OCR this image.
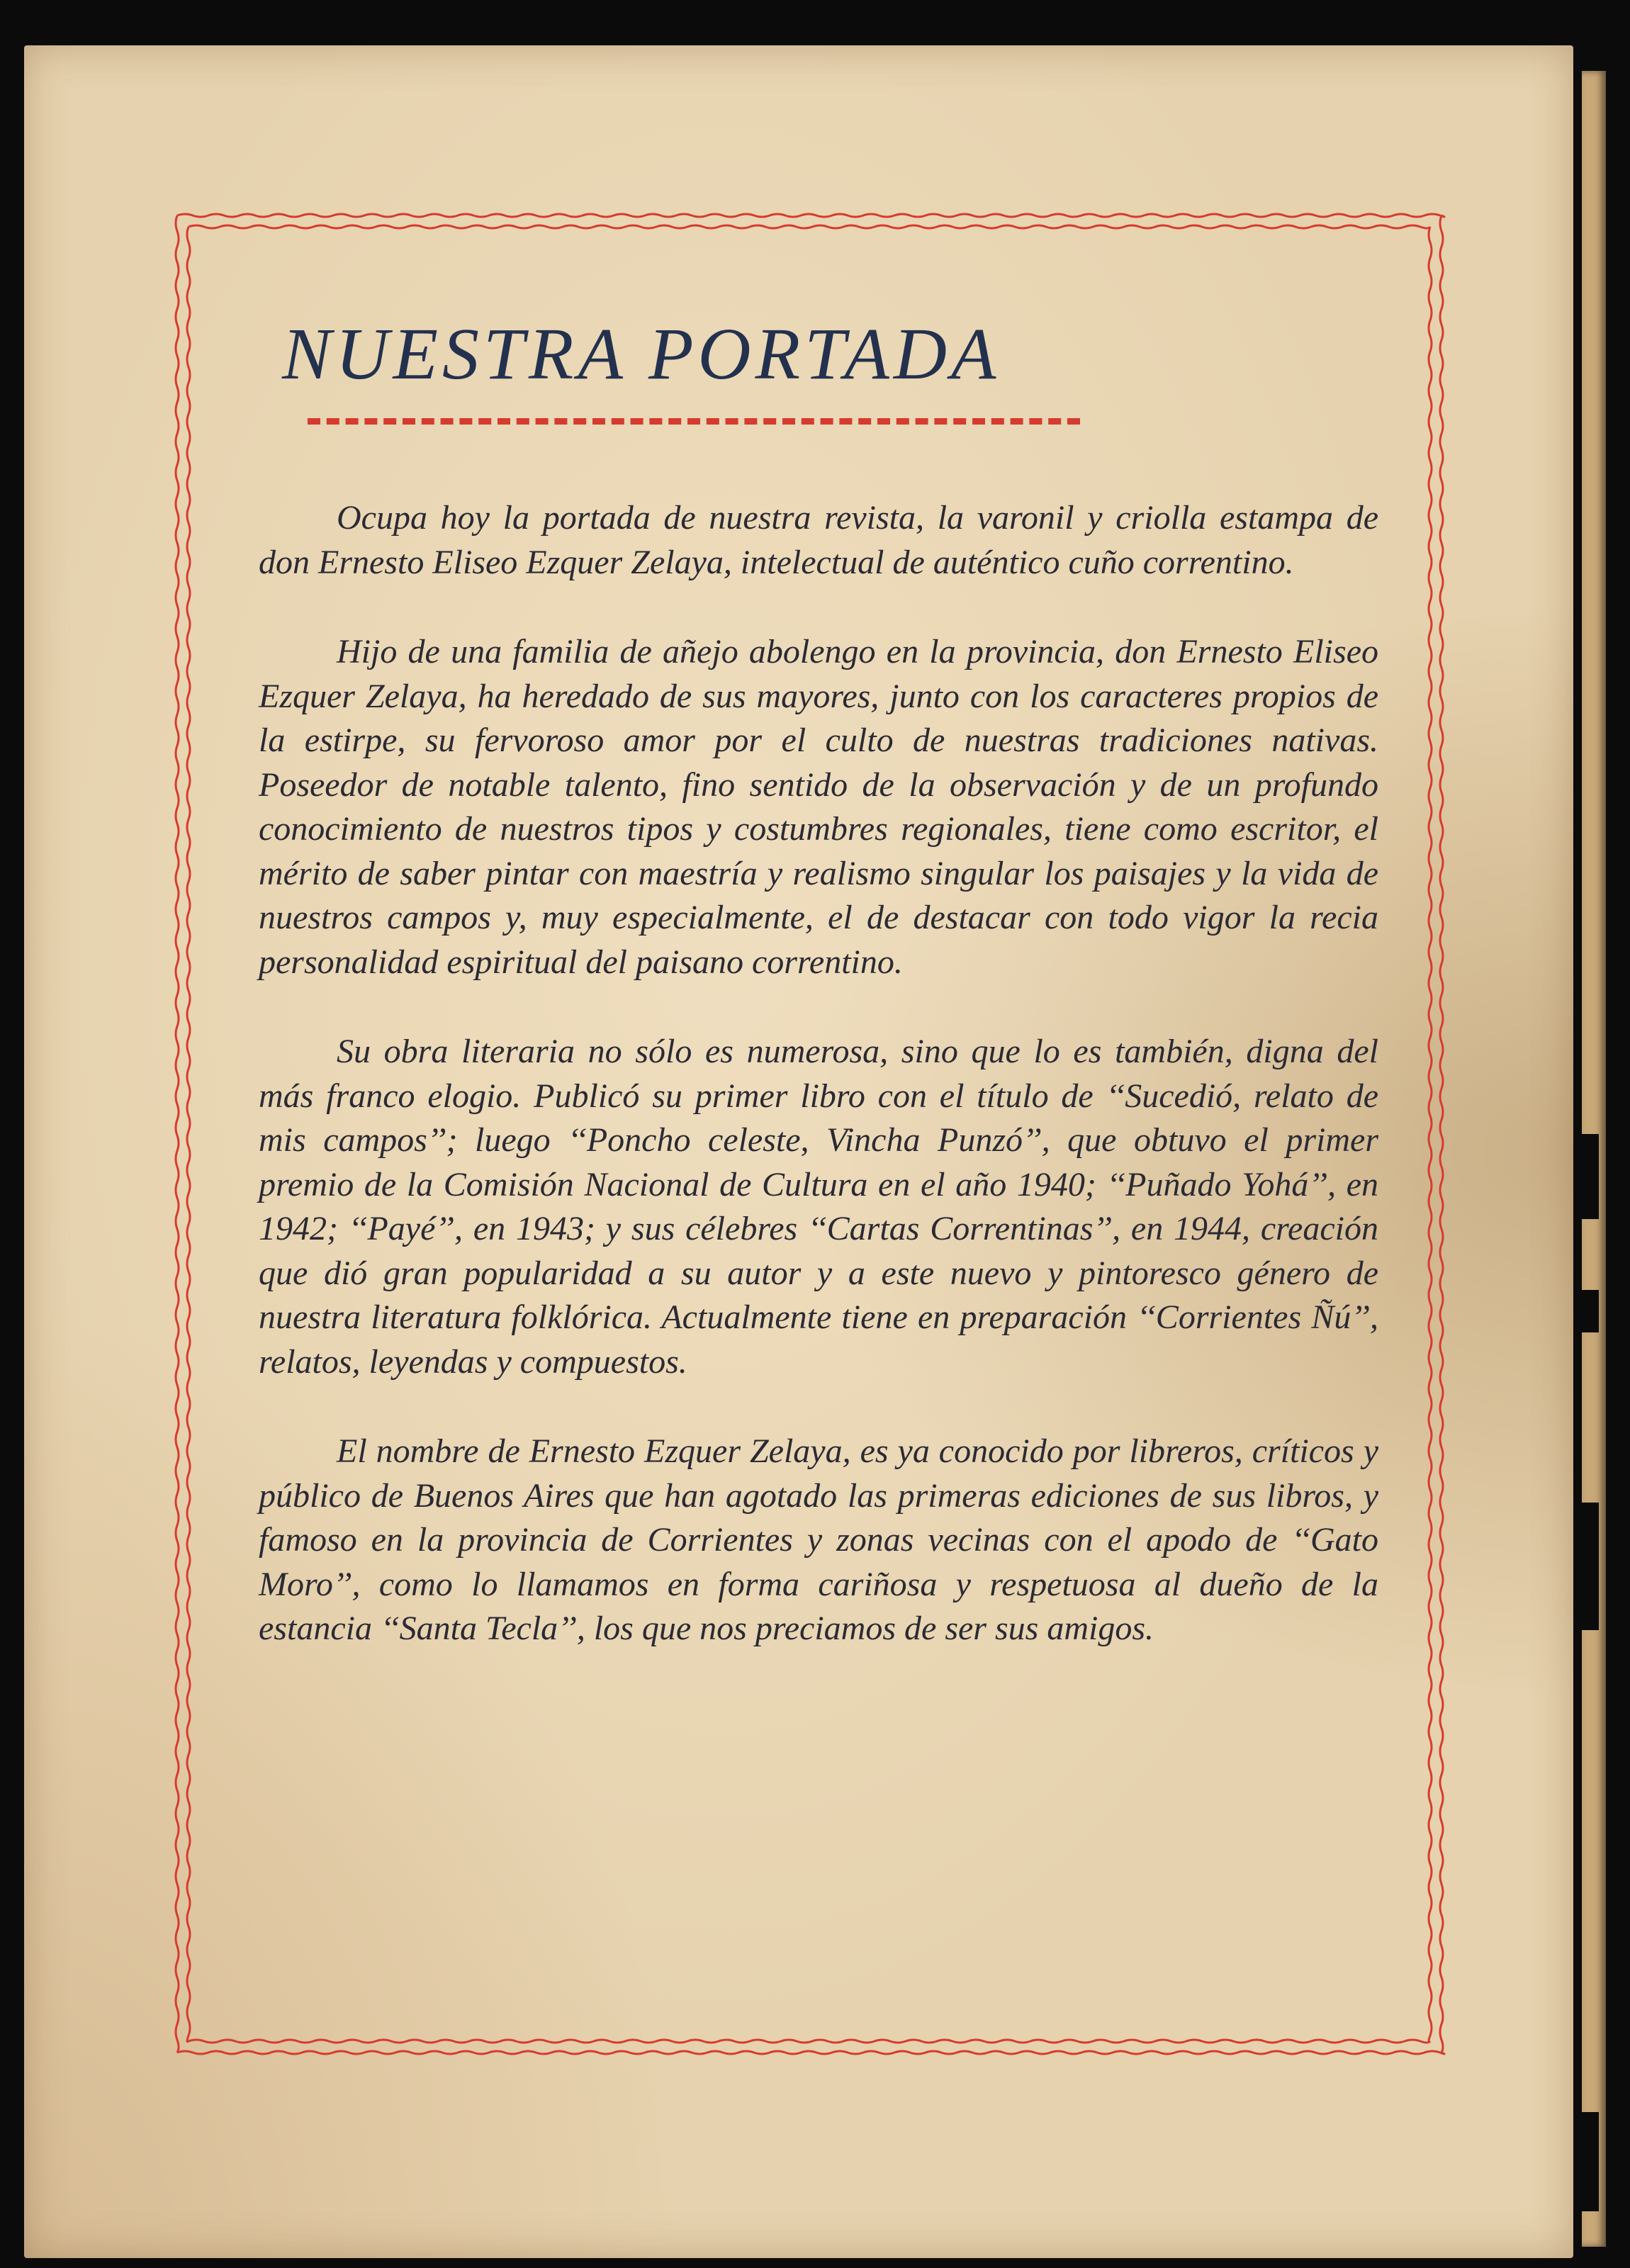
NUESTRA PORTADA

Ocupa hoy la portada de nuestra revista, la varonil y criolla estampa de don Ernesto Eliseo Ezquer Zelaya, intelectual de auténtico cuño correntino.

Hijo de una familia de añejo abolengo en la provincia, don Ernesto Eliseo Ezquer Zelaya, ha heredado de sus mayores, junto con los caracteres propios de la estirpe, su fervoroso amor por el culto de nuestras tradiciones nativas. Poseedor de notable talento, fino sentido de la observación y de un profundo conocimiento de nuestros tipos y costumbres regionales, tiene como escritor, el mérito de saber pintar con maestría y realismo singular los paisajes y la vida de nuestros campos y, muy especialmente, el de destacar con todo vigor la recia personalidad espiritual del paisano correntino.

Su obra literaria no sólo es numerosa, sino que lo es también, digna del más franco elogio. Publicó su primer libro con el título de ‘‘Sucedió, relato de mis campos’’; luego ‘‘Poncho celeste, Vincha Punzó’’, que obtuvo el primer premio de la Comisión Nacional de Cultura en el año 1940; ‘‘Puñado Yohá’’, en 1942; ‘‘Payé’’, en 1943; y sus célebres ‘‘Cartas Correntinas’’, en 1944, creación que dió gran popularidad a su autor y a este nuevo y pintoresco género de nuestra literatura folklórica. Actualmente tiene en preparación ‘‘Corrientes Ñú’’, relatos, leyendas y compuestos.

El nombre de Ernesto Ezquer Zelaya, es ya conocido por libreros, críticos y público de Buenos Aires que han agotado las primeras ediciones de sus libros, y famoso en la provincia de Corrientes y zonas vecinas con el apodo de ‘‘Gato Moro’’, como lo llamamos en forma cariñosa y respetuosa al dueño de la estancia ‘‘Santa Tecla’’, los que nos preciamos de ser sus amigos.
